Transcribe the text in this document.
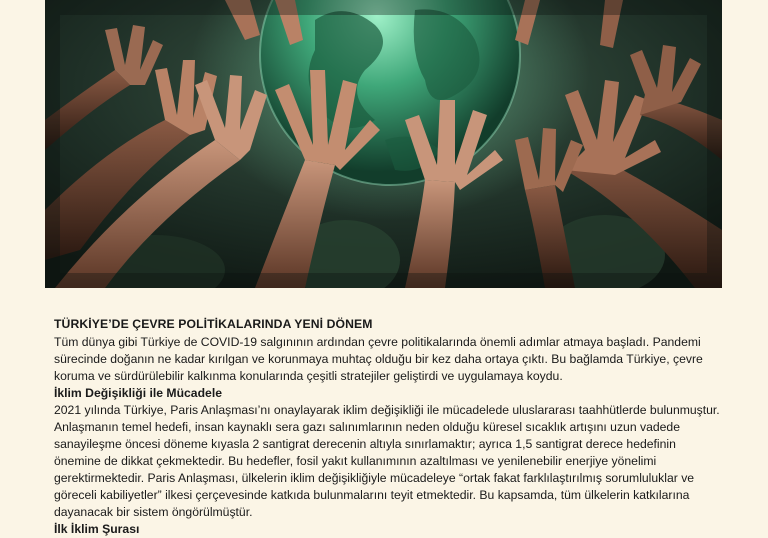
TÜRKİYE’DE ÇEVRE POLİTİKALARINDA YENİ DÖNEM

Tüm dünya gibi Türkiye de COVID-19 salgınının ardından çevre politikalarında önemli adımlar atmaya başladı. Pandemi sürecinde doğanın ne kadar kırılgan ve korunmaya muhtaç olduğu bir kez daha ortaya çıktı. Bu bağlamda Türkiye, çevre koruma ve sürdürülebilir kalkınma konularında çeşitli stratejiler geliştirdi ve uygulamaya koydu.

İklim Değişikliği ile Mücadele

2021 yılında Türkiye, Paris Anlaşması’nı onaylayarak iklim değişikliği ile mücadelede uluslararası taahhütlerde bulunmuştur. Anlaşmanın temel hedefi, insan kaynaklı sera gazı salınımlarının neden olduğu küresel sıcaklık artışını uzun vadede sanayileşme öncesi döneme kıyasla 2 santigrat derecenin altıyla sınırlamaktır; ayrıca 1,5 santigrat derece hedefinin önemine de dikkat çekmektedir. Bu hedefler, fosil yakıt kullanımının azaltılması ve yenilenebilir enerjiye yönelimi gerektirmektedir. Paris Anlaşması, ülkelerin iklim değişikliğiyle mücadeleye “ortak fakat farklılaştırılmış sorumluluklar ve göreceli kabiliyetler” ilkesi çerçevesinde katkıda bulunmalarını teyit etmektedir. Bu kapsamda, tüm ülkelerin katkılarına dayanacak bir sistem öngörülmüştür.

İlk İklim Şurası
